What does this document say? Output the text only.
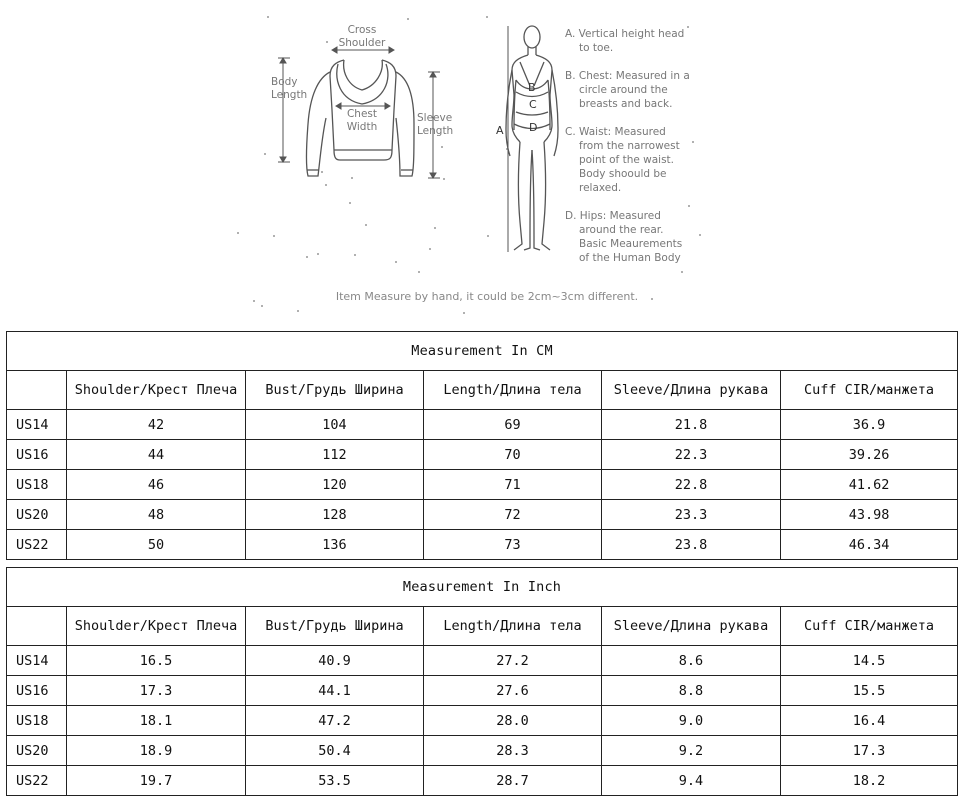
Cross
Shoulder
Body
Length
Chest
Width
Sleeve
Length	A
B
C
D
A. Vertical height head
to toe.
B. Chest: Measured in a
circle around the
breasts and back.
C. Waist: Measured
from the narrowest
point of the waist.
Body shoould be
relaxed.
D. Hips: Measured
around the rear.
Basic Meaurements
of the Human Body
Item Measure by hand, it could be 2cm~3cm different.
Measurement In CM					
	Shoulder/Крест Плеча	Bust/Грудь Ширина	Length/Длина тела	Sleeve/Длина рукава	Cuff CIR/манжета
US14	42	104	69	21.8	36.9
US16	44	112	70	22.3	39.26
US18	46	120	71	22.8	41.62
US20	48	128	72	23.3	43.98
US22	50	136	73	23.8	46.34
Measurement In Inch					
	Shoulder/Крест Плеча	Bust/Грудь Ширина	Length/Длина тела	Sleeve/Длина рукава	Cuff CIR/манжета
US14	16.5	40.9	27.2	8.6	14.5
US16	17.3	44.1	27.6	8.8	15.5
US18	18.1	47.2	28.0	9.0	16.4
US20	18.9	50.4	28.3	9.2	17.3
US22	19.7	53.5	28.7	9.4	18.2
